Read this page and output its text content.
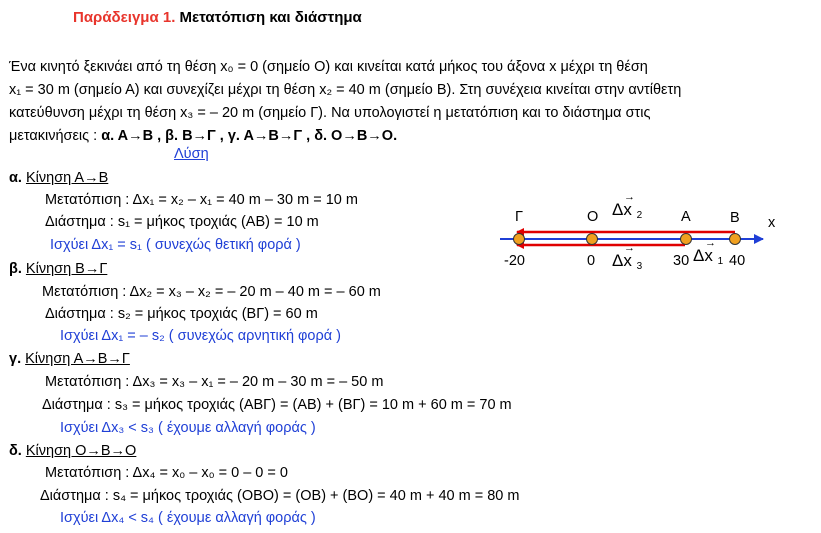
Παράδειγμα 1. Μετατόπιση και διάστημα

Ένα κινητό ξεκινάει από τη θέση x₀ = 0 (σημείο Ο) και κινείται κατά μήκος του άξονα x μέχρι τη θέση

x₁ = 30 m (σημείο Α) και συνεχίζει μέχρι τη θέση x₂ = 40 m (σημείο Β). Στη συνέχεια κινείται στην αντίθετη

κατεύθυνση μέχρι τη θέση x₃ = – 20 m (σημείο Γ). Να υπολογιστεί η μετατόπιση και το διάστημα στις

μετακινήσεις : α. Α→Β , β. Β→Γ , γ. Α→Β→Γ , δ. Ο→Β→Ο.

Λύση
α. Κίνηση Α→Β
Μετατόπιση : Δx₁ = x₂ – x₁ = 40 m – 30 m = 10 m
Διάστημα : s₁ = μήκος τροχιάς (ΑΒ) = 10 m
Ισχύει Δx₁ = s₁ ( συνεχώς θετική φορά )
β. Κίνηση Β→Γ
Μετατόπιση : Δx₂ = x₃ – x₂ = – 20 m – 40 m = – 60 m
Διάστημα : s₂ = μήκος τροχιάς (ΒΓ) = 60 m
Ισχύει Δx₁ = – s₂ ( συνεχώς αρνητική φορά )
γ. Κίνηση Α→Β→Γ
Μετατόπιση : Δx₃ = x₃ – x₁ = – 20 m – 30 m = – 50 m
Διάστημα : s₃ = μήκος τροχιάς (ΑΒΓ) = (ΑΒ) + (ΒΓ) = 10 m + 60 m = 70 m
Ισχύει Δx₃ < s₃ ( έχουμε αλλαγή φοράς )
δ. Κίνηση Ο→Β→Ο
Μετατόπιση : Δx₄ = x₀ – x₀ = 0 – 0 = 0
Διάστημα : s₄ = μήκος τροχιάς (ΟΒΟ) = (ΟΒ) + (ΒΟ) = 40 m + 40 m = 80 m
Ισχύει Δx₄ < s₄ ( έχουμε αλλαγή φοράς )
Γ	Ο	Α	Β x
-20	0	30	40
Δx
→
$_2$
Δx
→
$_3$
Δx
→
$_1$
